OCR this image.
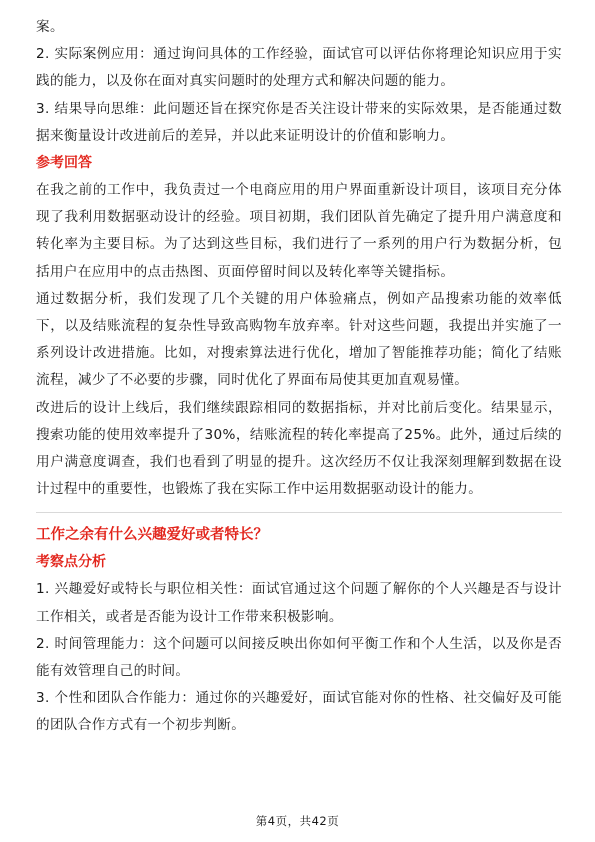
案。

2. 实际案例应用：通过询问具体的工作经验，面试官可以评估你将理论知识应用于实践的能力，以及你在面对真实问题时的处理方式和解决问题的能力。

3. 结果导向思维：此问题还旨在探究你是否关注设计带来的实际效果，是否能通过数据来衡量设计改进前后的差异，并以此来证明设计的价值和影响力。

参考回答

在我之前的工作中，我负责过一个电商应用的用户界面重新设计项目，该项目充分体现了我利用数据驱动设计的经验。项目初期，我们团队首先确定了提升用户满意度和转化率为主要目标。为了达到这些目标，我们进行了一系列的用户行为数据分析，包括用户在应用中的点击热图、页面停留时间以及转化率等关键指标。

通过数据分析，我们发现了几个关键的用户体验痛点，例如产品搜索功能的效率低下，以及结账流程的复杂性导致高购物车放弃率。针对这些问题，我提出并实施了一系列设计改进措施。比如，对搜索算法进行优化，增加了智能推荐功能；简化了结账流程，减少了不必要的步骤，同时优化了界面布局使其更加直观易懂。

改进后的设计上线后，我们继续跟踪相同的数据指标，并对比前后变化。结果显示，搜索功能的使用效率提升了30%，结账流程的转化率提高了25%。此外，通过后续的用户满意度调查，我们也看到了明显的提升。这次经历不仅让我深刻理解到数据在设计过程中的重要性，也锻炼了我在实际工作中运用数据驱动设计的能力。

工作之余有什么兴趣爱好或者特长？

考察点分析

1. 兴趣爱好或特长与职位相关性：面试官通过这个问题了解你的个人兴趣是否与设计工作相关，或者是否能为设计工作带来积极影响。

2. 时间管理能力：这个问题可以间接反映出你如何平衡工作和个人生活，以及你是否能有效管理自己的时间。

3. 个性和团队合作能力：通过你的兴趣爱好，面试官能对你的性格、社交偏好及可能的团队合作方式有一个初步判断。

第4页，共42页
